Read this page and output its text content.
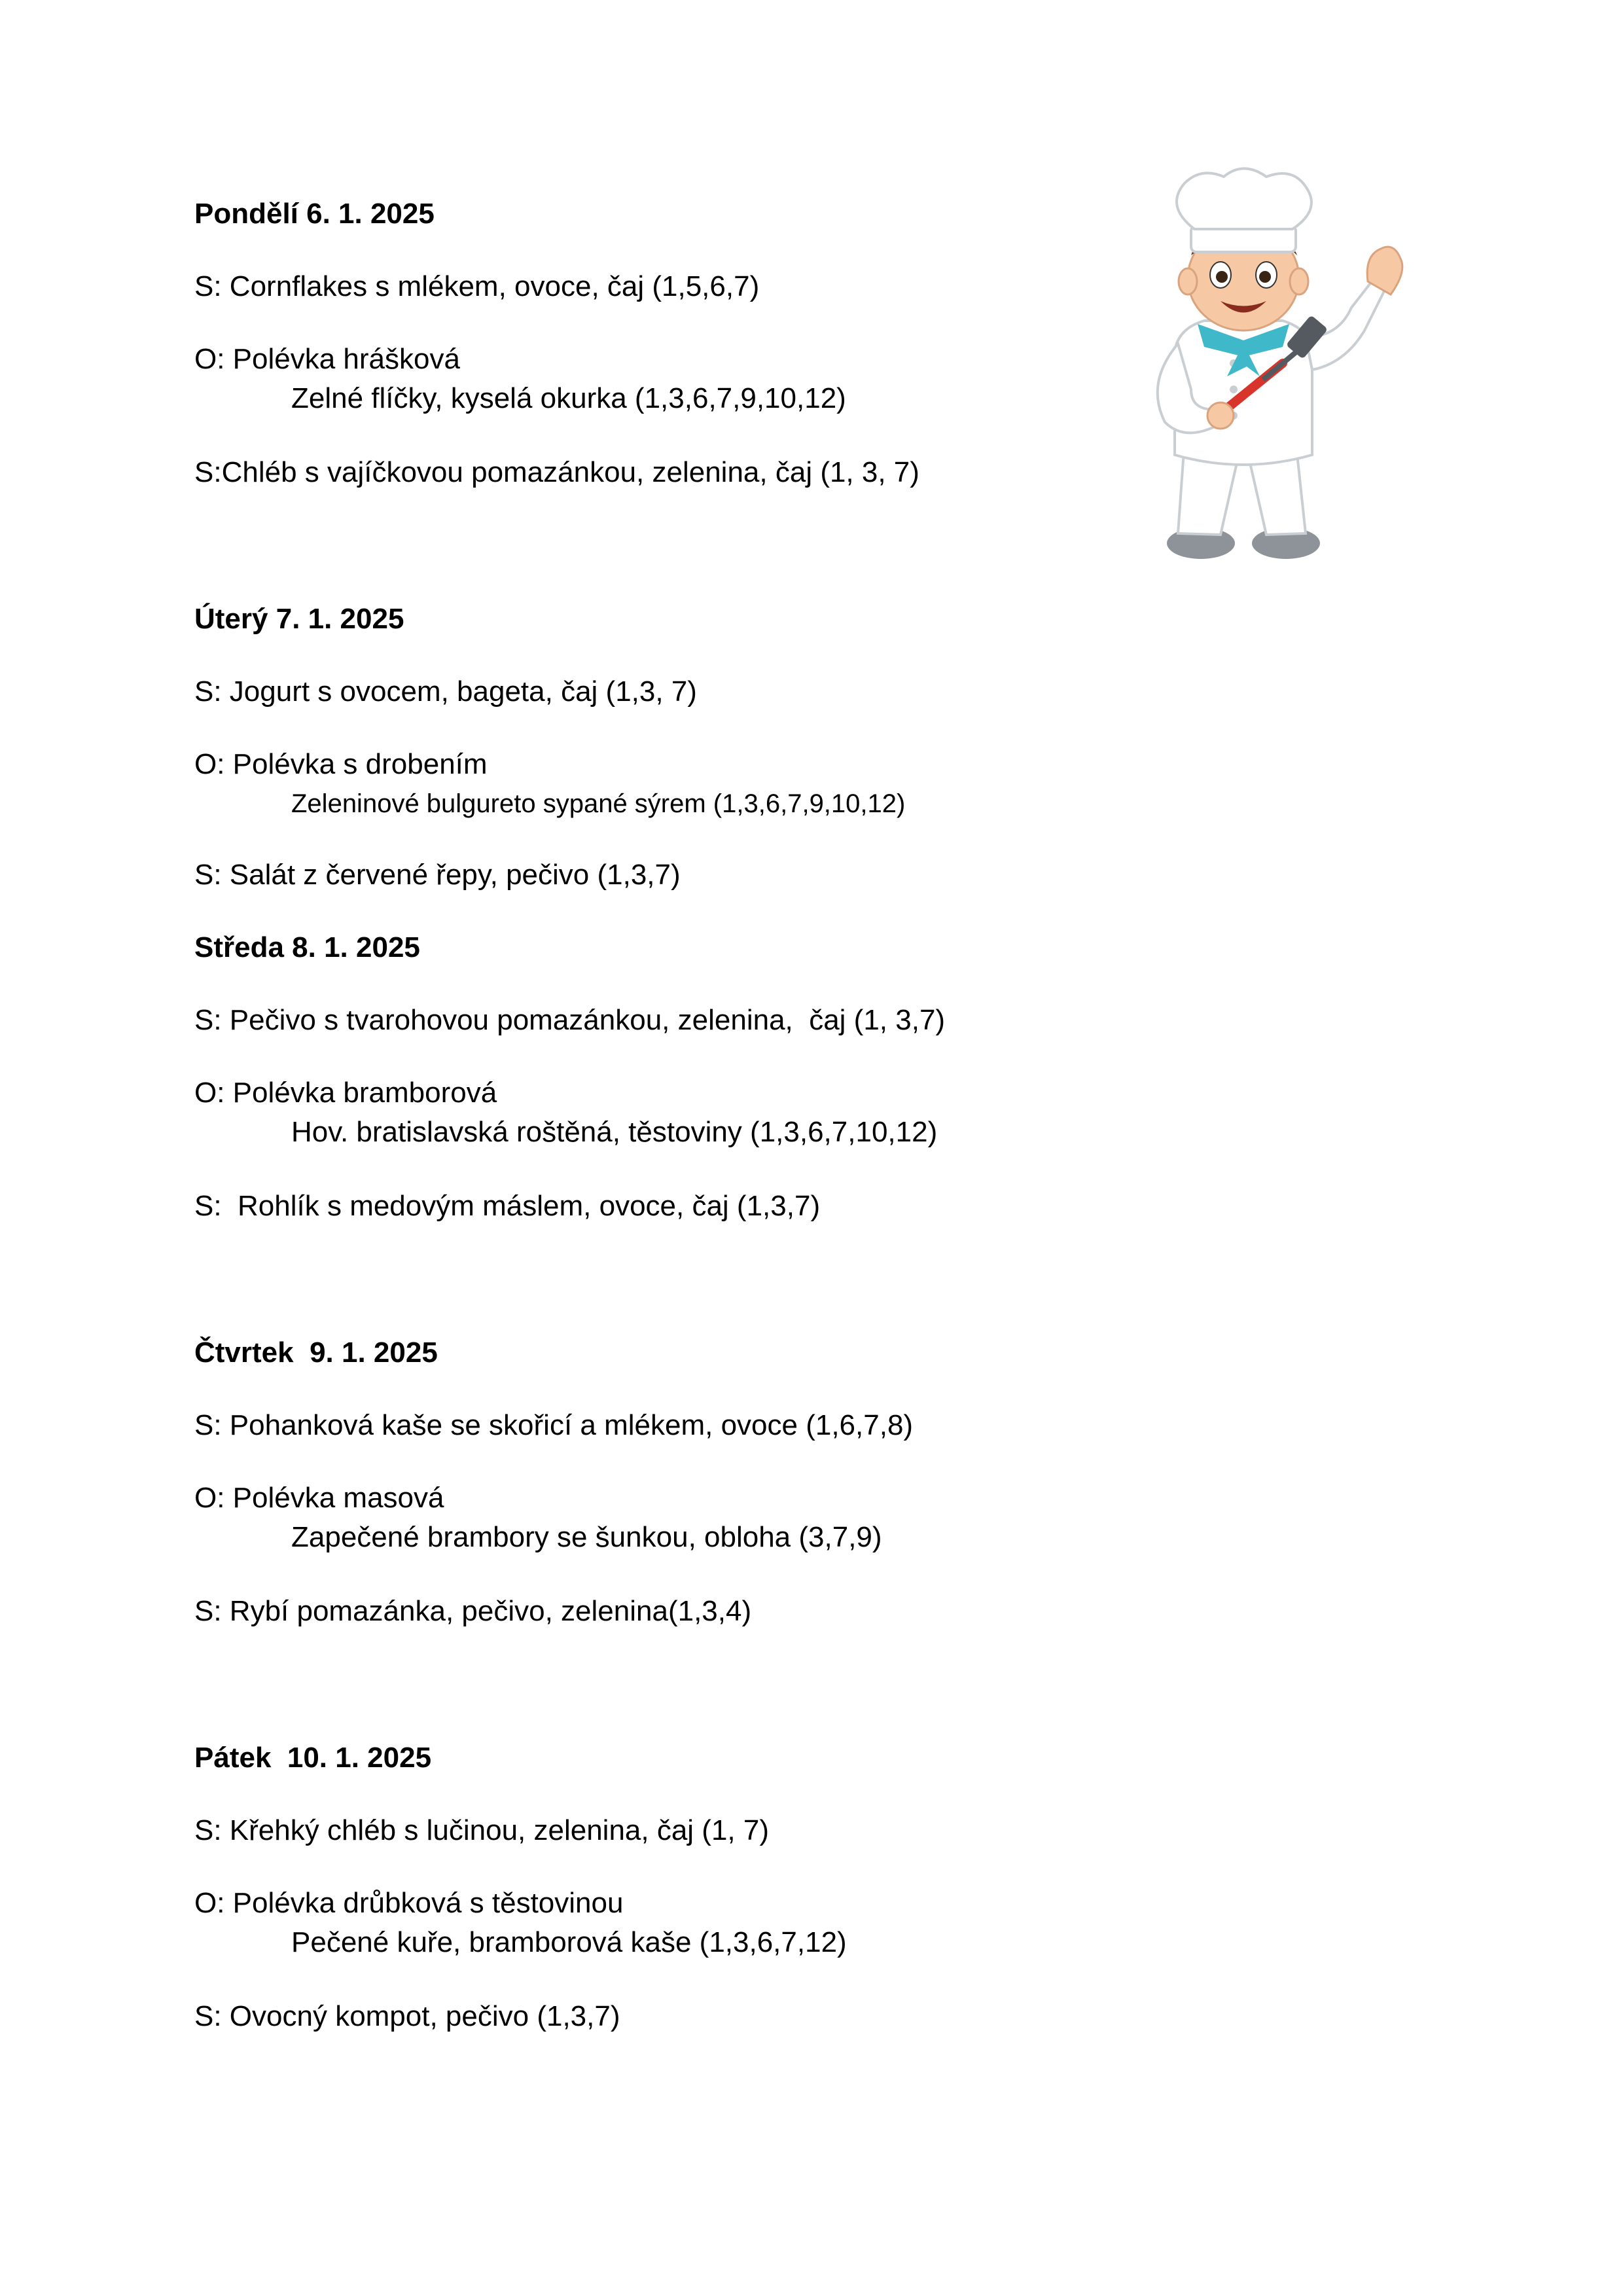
Pondělí 6. 1. 2025
S: Cornflakes s mlékem, ovoce, čaj (1,5,6,7)
O: Polévka hrášková
Zelné flíčky, kyselá okurka (1,3,6,7,9,10,12)
S:Chléb s vajíčkovou pomazánkou, zelenina, čaj (1, 3, 7)
Úterý 7. 1. 2025
S: Jogurt s ovocem, bageta, čaj (1,3, 7)
O: Polévka s drobením
Zeleninové bulgureto sypané sýrem (1,3,6,7,9,10,12)
S: Salát z červené řepy, pečivo (1,3,7)
Středa 8. 1. 2025
S: Pečivo s tvarohovou pomazánkou, zelenina,  čaj (1, 3,7)
O: Polévka bramborová
Hov. bratislavská roštěná, těstoviny (1,3,6,7,10,12)
S:  Rohlík s medovým máslem, ovoce, čaj (1,3,7)
Čtvrtek  9. 1. 2025
S: Pohanková kaše se skořicí a mlékem, ovoce (1,6,7,8)
O: Polévka masová
Zapečené brambory se šunkou, obloha (3,7,9)
S: Rybí pomazánka, pečivo, zelenina(1,3,4)
Pátek  10. 1. 2025
S: Křehký chléb s lučinou, zelenina, čaj (1, 7)
O: Polévka drůbková s těstovinou
Pečené kuře, bramborová kaše (1,3,6,7,12)
S: Ovocný kompot, pečivo (1,3,7)
